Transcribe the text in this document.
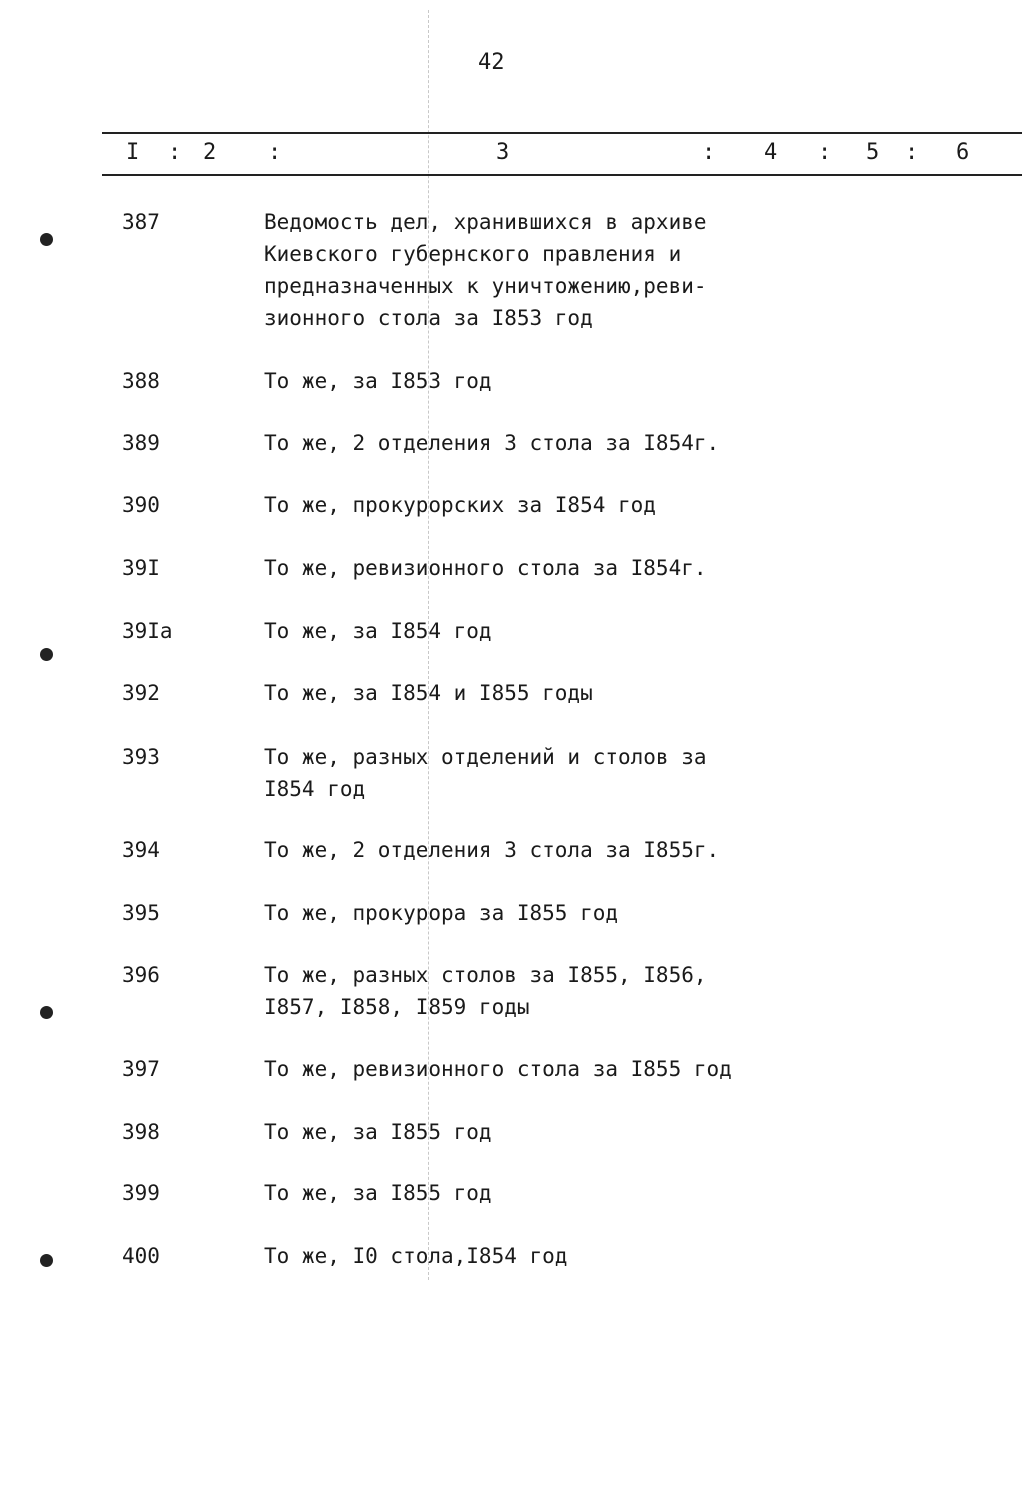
42
I : 2 :	3	: 4 : 5 : 6
387	Ведомость дел, хранившихся в архиве
Киевского губернского правления и
предназначенных к уничтожению,реви-
зионного стола за I853 год
388	То же, за I853 год
389	То же, 2 отделения 3 стола за I854г.
390	То же, прокурорских за I854 год
39I	То же, ревизионного стола за I854г.
39Iа	То же, за I854 год
392	То же, за I854 и I855 годы
393	То же, разных отделений и столов за
I854 год
394	То же, 2 отделения 3 стола за I855г.
395	То же, прокурора за I855 год
396	То же, разных столов за I855, I856,
I857, I858, I859 годы
397	То же, ревизионного стола за I855 год
398	То же, за I855 год
399	То же, за I855 год
400	То же, I0 стола,I854 год
